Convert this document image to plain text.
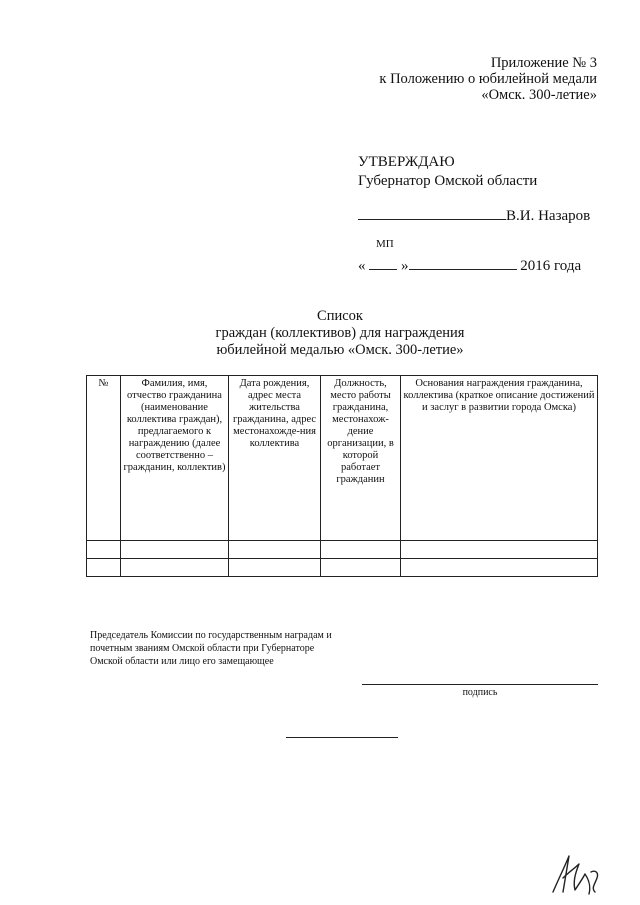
Приложение № 3
к Положению о юбилейной медали
«Омск. 300-летие»
УТВЕРЖДАЮ
Губернатор Омской области
В.И. Назаров
МП
« »	2016 года
Список
граждан (коллективов) для награждения
юбилейной медалью «Омск. 300-летие»
№	Фамилия, имя, отчество гражданина (наименование коллектива граждан), предлагаемого к награждению (далее соответственно – гражданин, коллектив)	Дата рождения, адрес места жительства гражданина, адрес местонахожде-ния коллектива	Должность, место работы гражданина, местонахож-дение организации, в которой работает гражданин	Основания награждения гражданина, коллектива (краткое описание достижений и заслуг в развитии города Омска)

Председатель Комиссии по государственным наградам и
почетным званиям Омской области при Губернаторе
Омской области или лицо его замещающее
подпись
